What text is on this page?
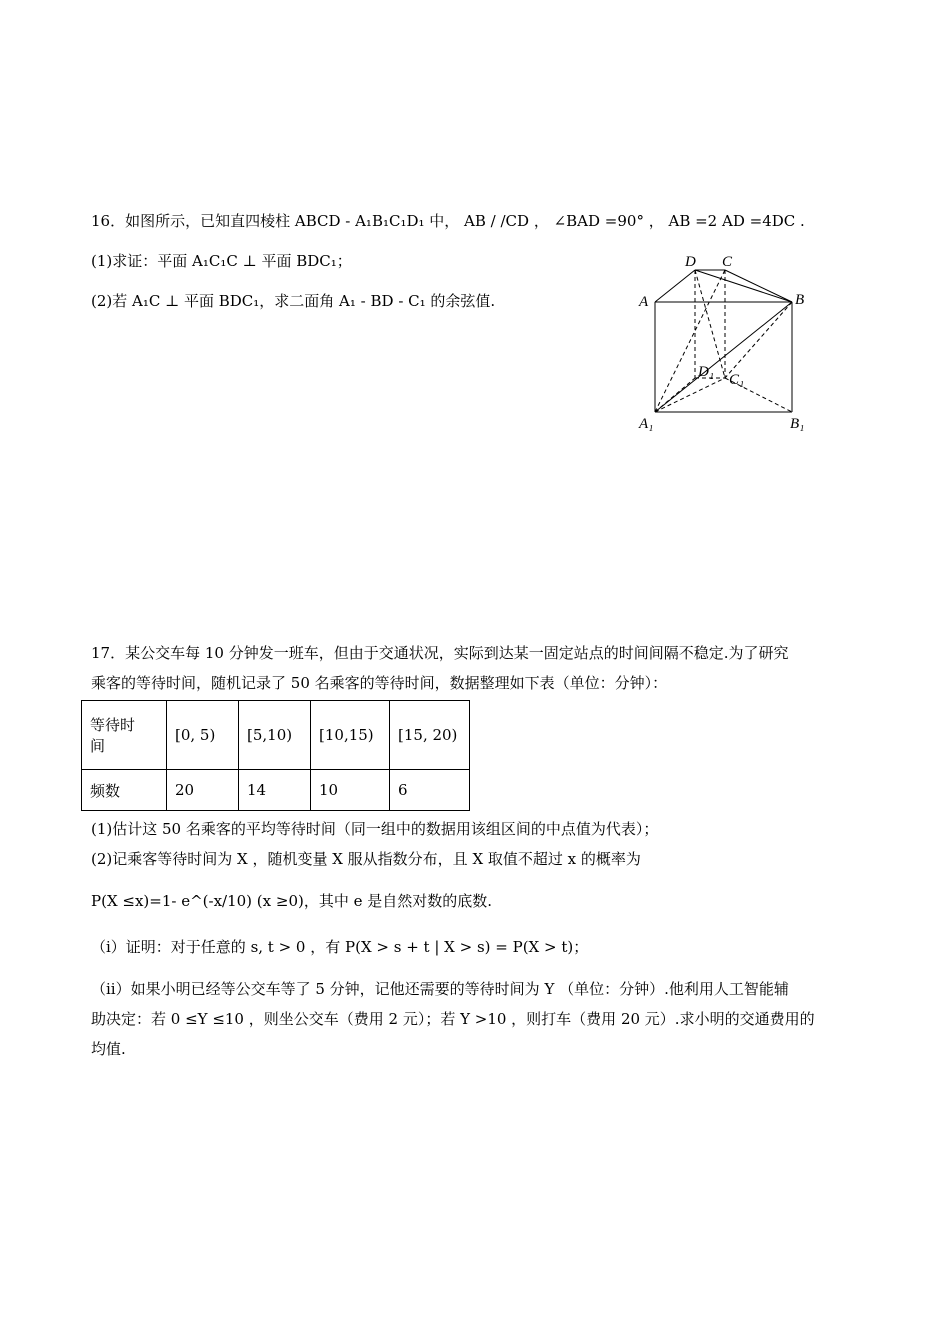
16．如图所示，已知直四棱柱 ABCD - A₁B₁C₁D₁ 中， AB / /CD ， ∠BAD =90° ， AB =2 AD =4DC .
(1)求证：平面 A₁C₁C ⊥ 平面 BDC₁；
(2)若 A₁C ⊥ 平面 BDC₁，求二面角 A₁ - BD - C₁ 的余弦值.
D C
A	B
D₁ C₁
A₁	B₁
17．某公交车每 10 分钟发一班车，但由于交通状况，实际到达某一固定站点的时间间隔不稳定.为了研究
乘客的等待时间，随机记录了 50 名乘客的等待时间，数据整理如下表（单位：分钟）：
等待时
间	[0, 5)	[5,10)	[10,15)	[15, 20)
频数	20	14	10	6
(1)估计这 50 名乘客的平均等待时间（同一组中的数据用该组区间的中点值为代表）；
(2)记乘客等待时间为 X ，随机变量 X 服从指数分布，且 X 取值不超过 x 的概率为
P(X ≤x)=1- e^(-x/10) (x ≥0)，其中 e 是自然对数的底数.
（i）证明：对于任意的 s, t > 0 ，有 P(X > s + t | X > s) = P(X > t)；
（ii）如果小明已经等公交车等了 5 分钟，记他还需要的等待时间为 Y （单位：分钟）.他利用人工智能辅
助决定：若 0 ≤Y ≤10 ，则坐公交车（费用 2 元）；若 Y >10 ，则打车（费用 20 元）.求小明的交通费用的
均值.
